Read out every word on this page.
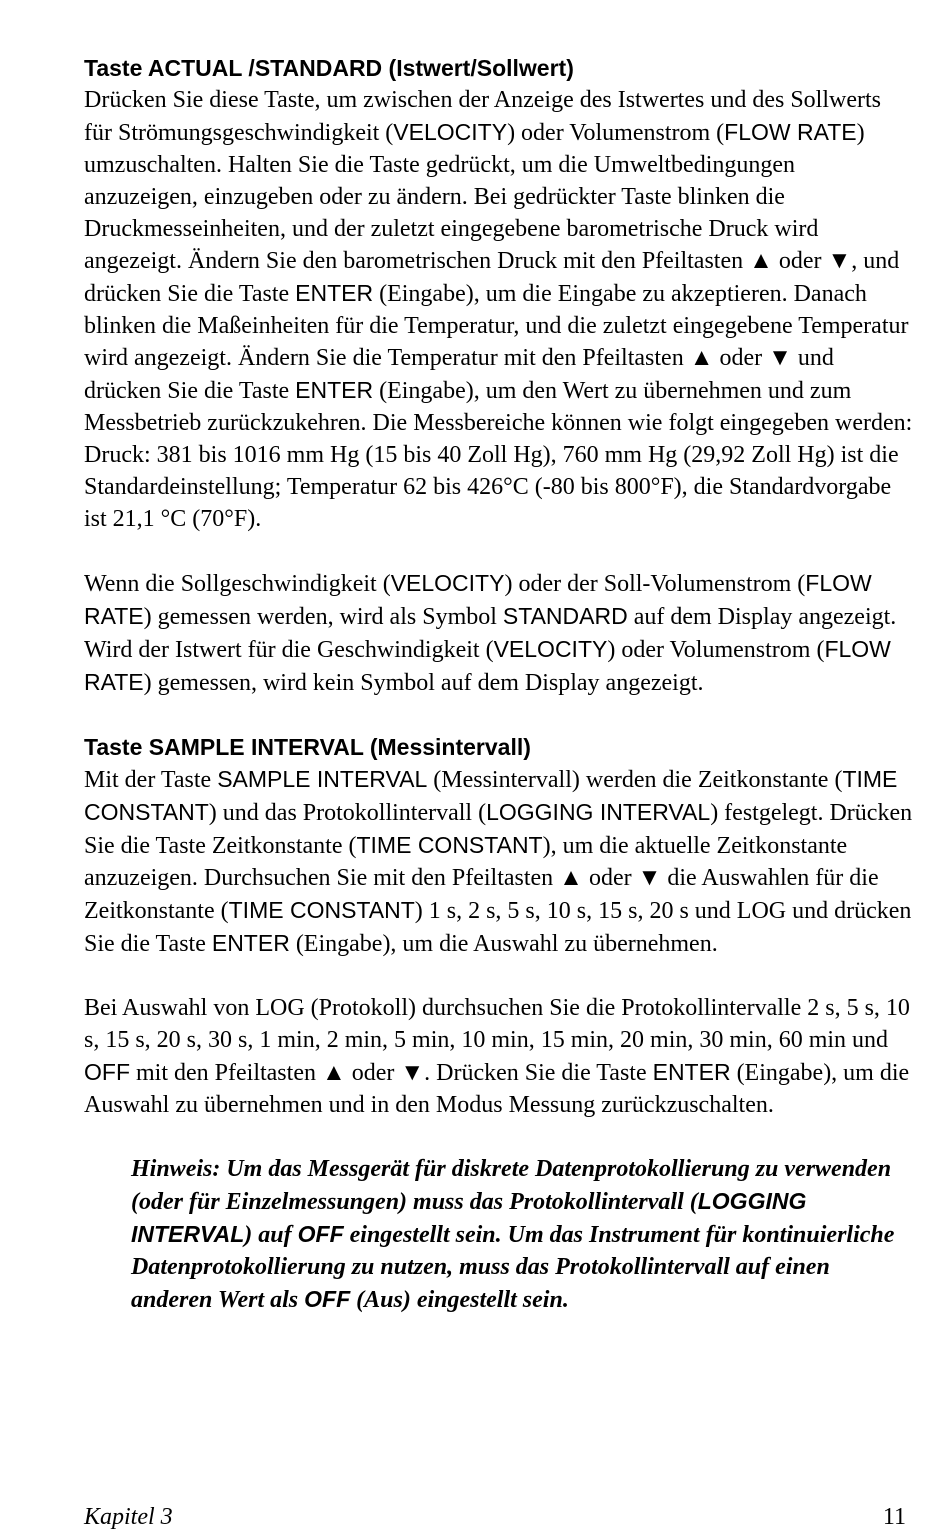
Taste ACTUAL /STANDARD (Istwert/Sollwert)

Drücken Sie diese Taste, um zwischen der Anzeige des Istwertes und des Sollwerts für Strömungsgeschwindigkeit (VELOCITY) oder Volumenstrom (FLOW RATE) umzuschalten. Halten Sie die Taste gedrückt, um die Umweltbedingungen anzuzeigen, einzugeben oder zu ändern. Bei gedrückter Taste blinken die Druckmesseinheiten, und der zuletzt eingegebene barometrische Druck wird angezeigt. Ändern Sie den barometrischen Druck mit den Pfeiltasten ▲ oder ▼, und drücken Sie die Taste ENTER (Eingabe), um die Eingabe zu akzeptieren. Danach blinken die Maßeinheiten für die Temperatur, und die zuletzt eingegebene Temperatur wird angezeigt. Ändern Sie die Temperatur mit den Pfeiltasten ▲ oder ▼ und drücken Sie die Taste ENTER (Eingabe), um den Wert zu übernehmen und zum Messbetrieb zurückzukehren. Die Messbereiche können wie folgt eingegeben werden: Druck: 381 bis 1016 mm Hg (15 bis 40 Zoll Hg), 760 mm Hg (29,92 Zoll Hg) ist die Standardeinstellung; Temperatur 62 bis 426°C (-80 bis 800°F), die Standardvorgabe ist 21,1 °C (70°F).

Wenn die Sollgeschwindigkeit (VELOCITY) oder der Soll-Volumenstrom (FLOW RATE) gemessen werden, wird als Symbol STANDARD auf dem Display angezeigt. Wird der Istwert für die Geschwindigkeit (VELOCITY) oder Volumenstrom (FLOW RATE) gemessen, wird kein Symbol auf dem Display angezeigt.

Taste SAMPLE INTERVAL (Messintervall)

Mit der Taste SAMPLE INTERVAL (Messintervall) werden die Zeitkonstante (TIME CONSTANT) und das Protokollintervall (LOGGING INTERVAL) festgelegt. Drücken Sie die Taste Zeitkonstante (TIME CONSTANT), um die aktuelle Zeitkonstante anzuzeigen. Durchsuchen Sie mit den Pfeiltasten ▲ oder ▼ die Auswahlen für die Zeitkonstante (TIME CONSTANT) 1 s, 2 s, 5 s, 10 s, 15 s, 20 s und LOG und drücken Sie die Taste ENTER (Eingabe), um die Auswahl zu übernehmen.

Bei Auswahl von LOG (Protokoll) durchsuchen Sie die Protokollintervalle 2 s, 5 s, 10 s, 15 s, 20 s, 30 s, 1 min, 2 min, 5 min, 10 min, 15 min, 20 min, 30 min, 60 min und OFF mit den Pfeiltasten ▲ oder ▼. Drücken Sie die Taste ENTER (Eingabe), um die Auswahl zu übernehmen und in den Modus Messung zurückzuschalten.

Hinweis: Um das Messgerät für diskrete Datenprotokollierung zu verwenden (oder für Einzelmessungen) muss das Protokollintervall (LOGGING INTERVAL) auf OFF eingestellt sein. Um das Instrument für kontinuierliche Datenprotokollierung zu nutzen, muss das Protokollintervall auf einen anderen Wert als OFF (Aus) eingestellt sein.

Kapitel 3	11
